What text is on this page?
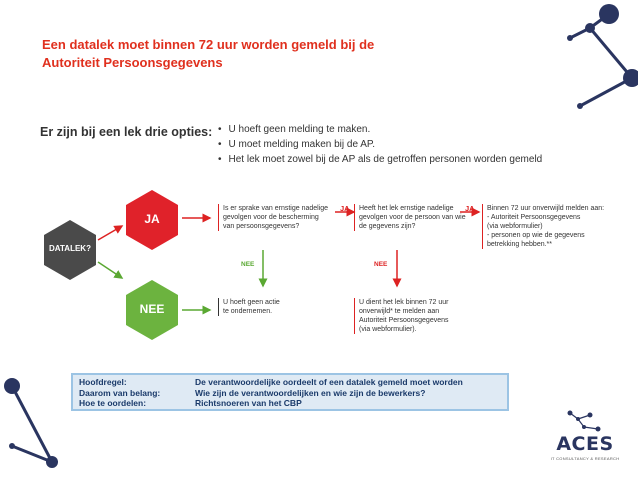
Een datalek moet binnen 72 uur worden gemeld bij de
Autoriteit Persoonsgegevens
Er zijn bij een lek drie opties:
•	U hoeft geen melding te maken.
• U moet melding maken bij de AP.
• Het lek moet zowel bij de AP als de getroffen personen worden gemeld
DATALEK?
JA
NEE
Is er sprake van ernstige nadelige
gevolgen voor de bescherming
van persoonsgegevens?
JA Heeft het lek ernstige nadelige
gevolgen voor de persoon van wie
de gegevens zijn?
JA Binnen 72 uur onverwijld melden aan:
- Autoriteit Persoonsgegevens
(via webformulier)
- personen op wie de gegevens
betrekking hebben.**
NEE	NEE
U hoeft geen actie
te ondernemen.
U dient het lek binnen 72 uur
onverwijld* te melden aan
Autoriteit Persoonsgegevens
(via webformulier).
Hoofdregel:	De verantwoordelijke oordeelt of een datalek gemeld moet worden
Daarom van belang:	Wie zijn de verantwoordelijken en wie zijn de bewerkers?
Hoe te oordelen:	Richtsnoeren van het CBP
ACES
IT CONSULTANCY & RESEARCH
